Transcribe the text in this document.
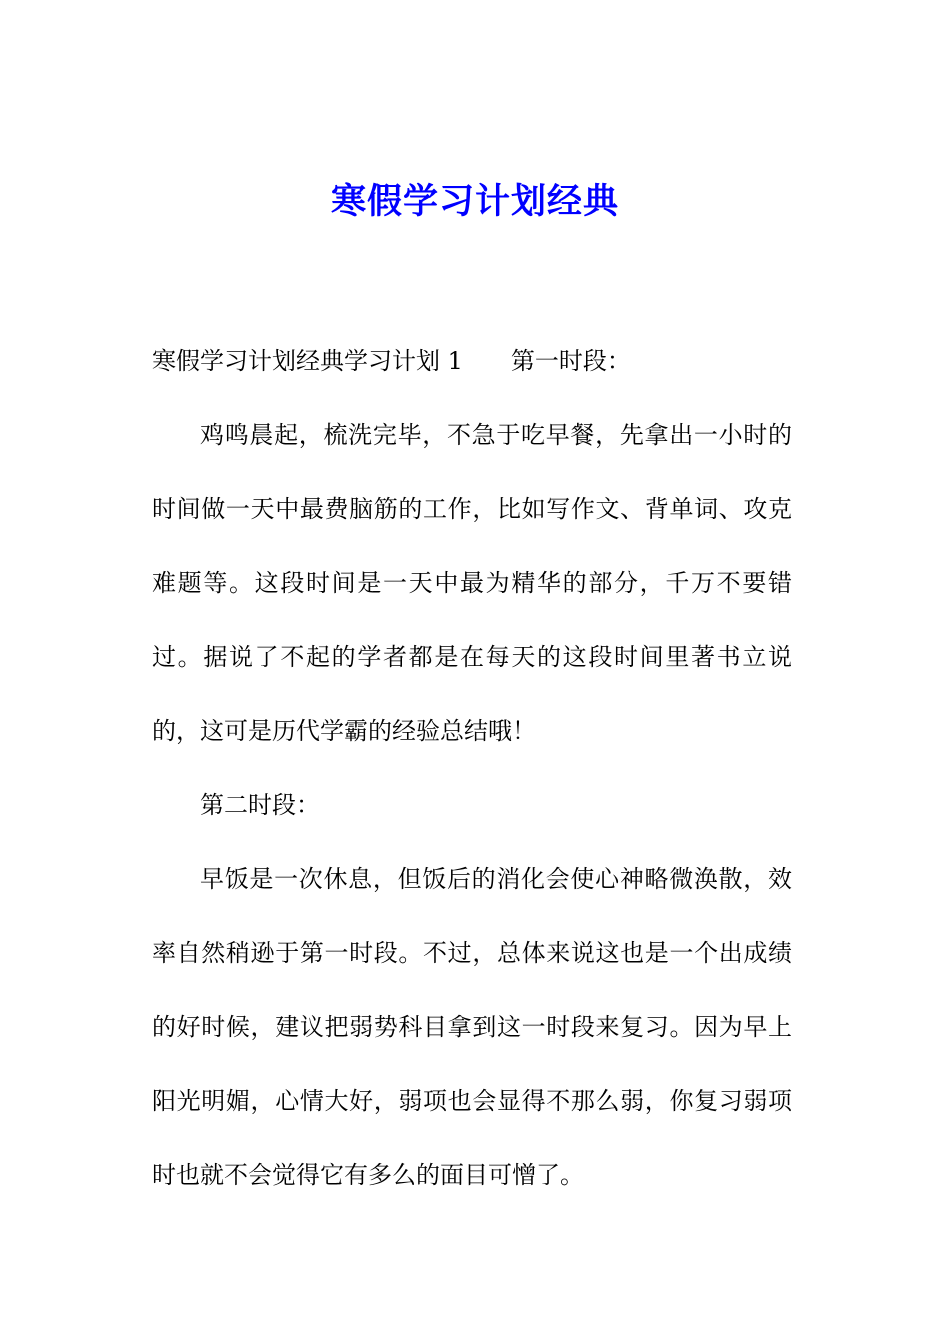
寒假学习计划经典

寒假学习计划经典学习计划 1 第一时段：

鸡鸣晨起，梳洗完毕，不急于吃早餐，先拿出一小时的时间做一天中最费脑筋的工作，比如写作文、背单词、攻克难题等。这段时间是一天中最为精华的部分，千万不要错过。据说了不起的学者都是在每天的这段时间里著书立说的，这可是历代学霸的经验总结哦！

第二时段：

早饭是一次休息，但饭后的消化会使心神略微涣散，效率自然稍逊于第一时段。不过，总体来说这也是一个出成绩的好时候，建议把弱势科目拿到这一时段来复习。因为早上阳光明媚，心情大好，弱项也会显得不那么弱，你复习弱项时也就不会觉得它有多么的面目可憎了。
